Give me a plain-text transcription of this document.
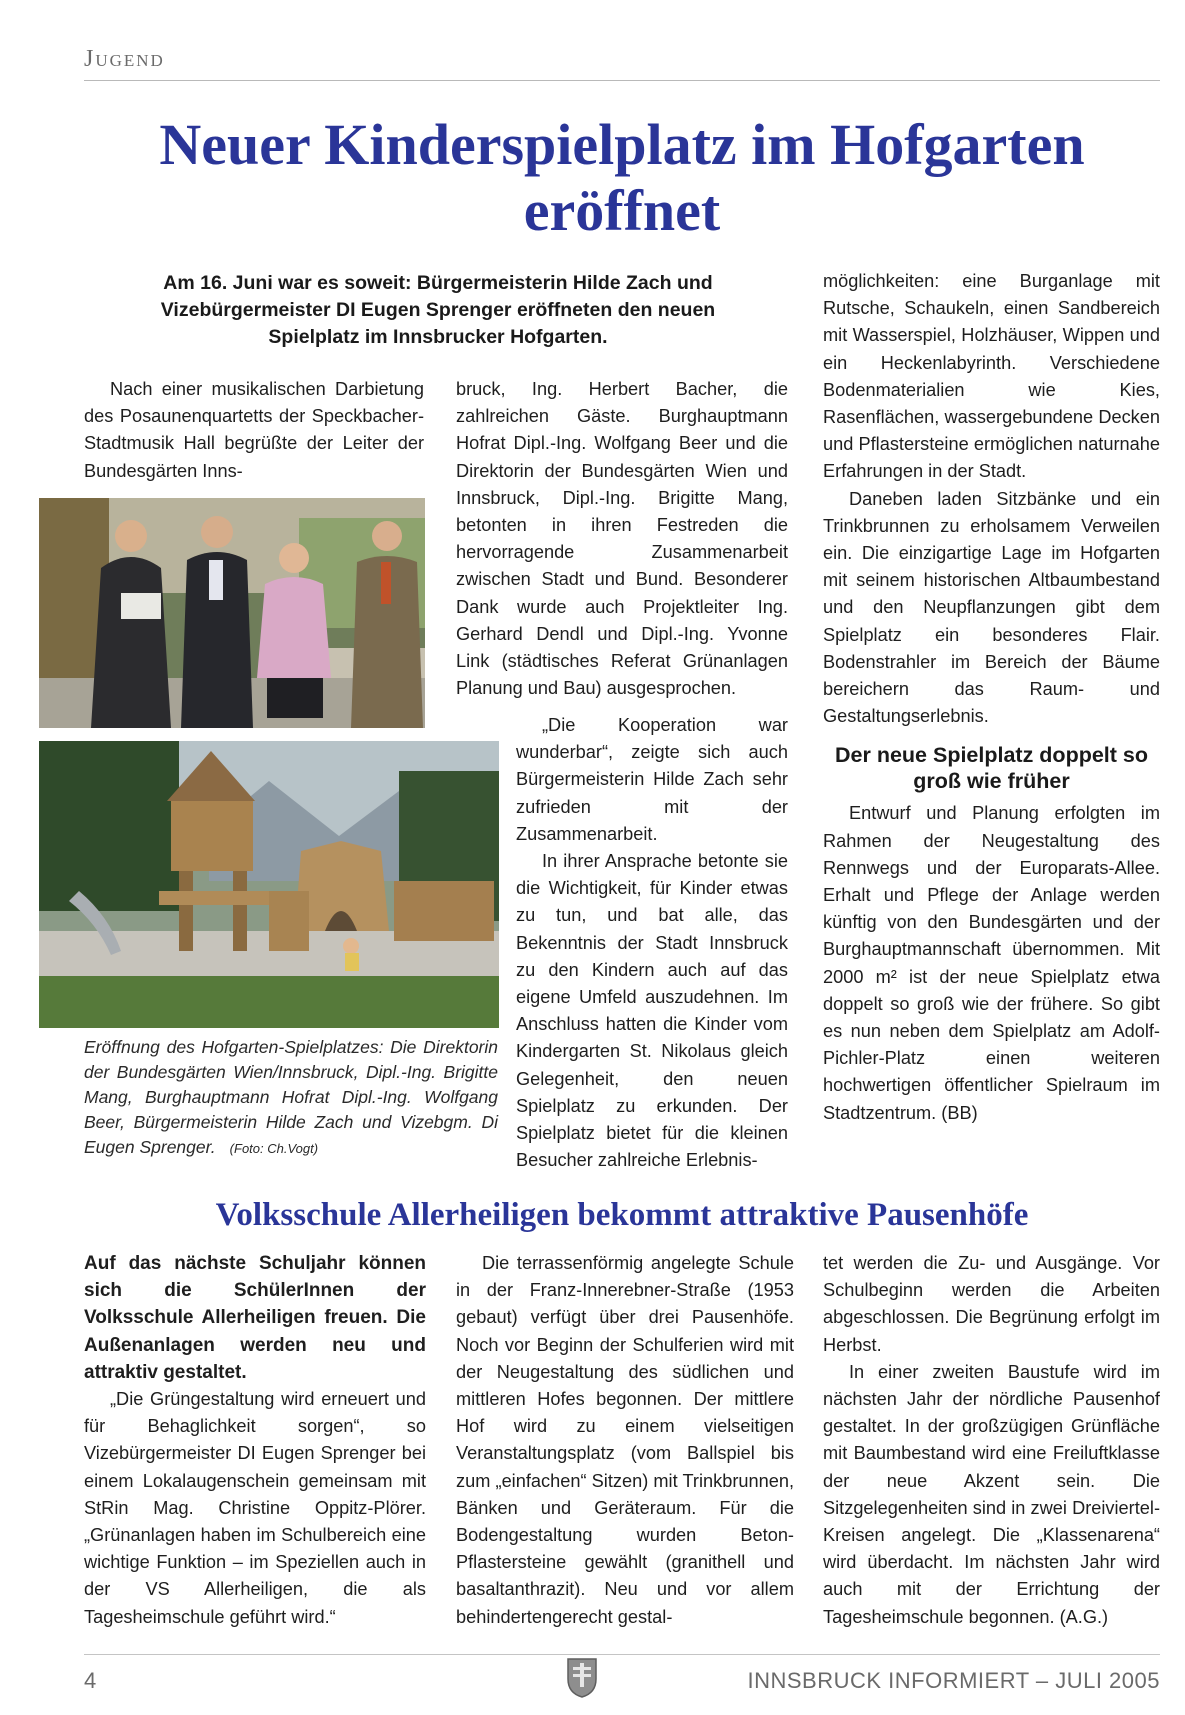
Jugend
Neuer Kinderspielplatz im Hofgarten eröffnet
Am 16. Juni war es soweit: Bürgermeisterin Hilde Zach und Vizebürgermeister DI Eugen Sprenger eröffneten den neuen Spielplatz im Innsbrucker Hofgarten.

Nach einer musikalischen Darbietung des Posaunenquartetts der Speckbacher-Stadtmusik Hall begrüßte der Leiter der Bundesgärten Inns-

Eröffnung des Hofgarten-Spielplatzes: Die Direktorin der Bundesgärten Wien/Innsbruck, Dipl.-Ing. Brigitte Mang, Burghauptmann Hofrat Dipl.-Ing. Wolfgang Beer, Bürgermeisterin Hilde Zach und Vizebgm. Di Eugen Sprenger. (Foto: Ch.Vogt)

bruck, Ing. Herbert Bacher, die zahlreichen Gäste. Burghauptmann Hofrat Dipl.-Ing. Wolfgang Beer und die Direktorin der Bundesgärten Wien und Innsbruck, Dipl.-Ing. Brigitte Mang, betonten in ihren Festreden die hervorragende Zusammenarbeit zwischen Stadt und Bund. Besonderer Dank wurde auch Projektleiter Ing. Gerhard Dendl und Dipl.-Ing. Yvonne Link (städtisches Referat Grünanlagen Planung und Bau) ausgesprochen.

„Die Kooperation war wunderbar“, zeigte sich auch Bürgermeisterin Hilde Zach sehr zufrieden mit der Zusammenarbeit.

In ihrer Ansprache betonte sie die Wichtigkeit, für Kinder etwas zu tun, und bat alle, das Bekenntnis der Stadt Innsbruck zu den Kindern auch auf das eigene Umfeld auszudehnen. Im Anschluss hatten die Kinder vom Kindergarten St. Nikolaus gleich Gelegenheit, den neuen Spielplatz zu erkunden. Der Spielplatz bietet für die kleinen Besucher zahlreiche Erlebnis-

möglichkeiten: eine Burganlage mit Rutsche, Schaukeln, einen Sandbereich mit Wasserspiel, Holzhäuser, Wippen und ein Heckenlabyrinth. Verschiedene Bodenmaterialien wie Kies, Rasenflächen, wassergebundene Decken und Pflastersteine ermöglichen naturnahe Erfahrungen in der Stadt.

Daneben laden Sitzbänke und ein Trinkbrunnen zu erholsamem Verweilen ein. Die einzigartige Lage im Hofgarten mit seinem historischen Altbaumbestand und den Neupflanzungen gibt dem Spielplatz ein besonderes Flair. Bodenstrahler im Bereich der Bäume bereichern das Raum- und Gestaltungserlebnis.

Der neue Spielplatz doppelt so groß wie früher

Entwurf und Planung erfolgten im Rahmen der Neugestaltung des Rennwegs und der Europarats-Allee. Erhalt und Pflege der Anlage werden künftig von den Bundesgärten und der Burghauptmannschaft übernommen. Mit 2000 m² ist der neue Spielplatz etwa doppelt so groß wie der frühere. So gibt es nun neben dem Spielplatz am Adolf-Pichler-Platz einen weiteren hochwertigen öffentlicher Spielraum im Stadtzentrum. (BB)

Volksschule Allerheiligen bekommt attraktive Pausenhöfe

Auf das nächste Schuljahr können sich die SchülerInnen der Volksschule Allerheiligen freuen. Die Außenanlagen werden neu und attraktiv gestaltet.

„Die Grüngestaltung wird erneuert und für Behaglichkeit sorgen“, so Vizebürgermeister DI Eugen Sprenger bei einem Lokalaugenschein gemeinsam mit StRin Mag. Christine Oppitz-Plörer. „Grünanlagen haben im Schulbereich eine wichtige Funktion – im Speziellen auch in der VS Allerheiligen, die als Tagesheimschule geführt wird.“

Die terrassenförmig angelegte Schule in der Franz-Innerebner-Straße (1953 gebaut) verfügt über drei Pausenhöfe. Noch vor Beginn der Schulferien wird mit der Neugestaltung des südlichen und mittleren Hofes begonnen. Der mittlere Hof wird zu einem vielseitigen Veranstaltungsplatz (vom Ballspiel bis zum „einfachen“ Sitzen) mit Trinkbrunnen, Bänken und Geräteraum. Für die Bodengestaltung wurden Beton-Pflastersteine gewählt (granithell und basaltanthrazit). Neu und vor allem behindertengerecht gestal-

tet werden die Zu- und Ausgänge. Vor Schulbeginn werden die Arbeiten abgeschlossen. Die Begrünung erfolgt im Herbst.

In einer zweiten Baustufe wird im nächsten Jahr der nördliche Pausenhof gestaltet. In der großzügigen Grünfläche mit Baumbestand wird eine Freiluftklasse der neue Akzent sein. Die Sitzgelegenheiten sind in zwei Dreiviertel-Kreisen angelegt. Die „Klassenarena“ wird überdacht. Im nächsten Jahr wird auch mit der Errichtung der Tagesheimschule begonnen. (A.G.)

4	INNSBRUCK INFORMIERT – JULI 2005
